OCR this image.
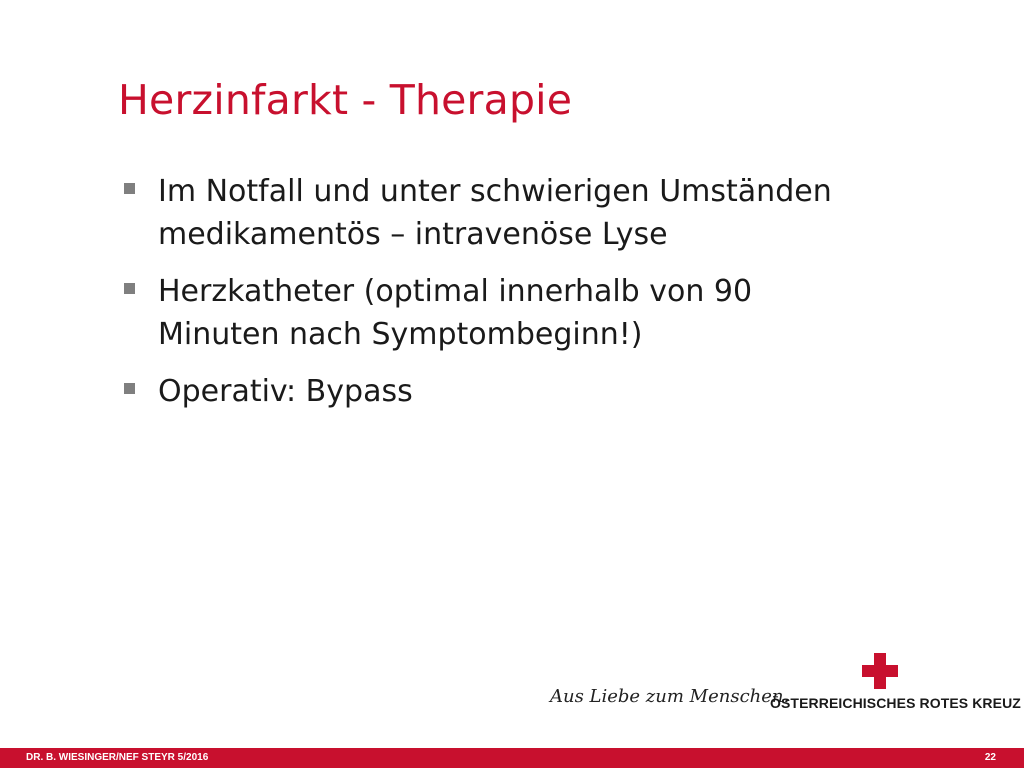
Herzinfarkt - Therapie
Im Notfall und unter schwierigen Umständen
medikamentös – intravenöse Lyse
Herzkatheter (optimal innerhalb von 90
Minuten nach Symptombeginn!)
Operativ: Bypass
Aus Liebe zum Menschen.
ÖSTERREICHISCHES ROTES KREUZ
DR. B. WIESINGER/NEF STEYR 5/2016	22
